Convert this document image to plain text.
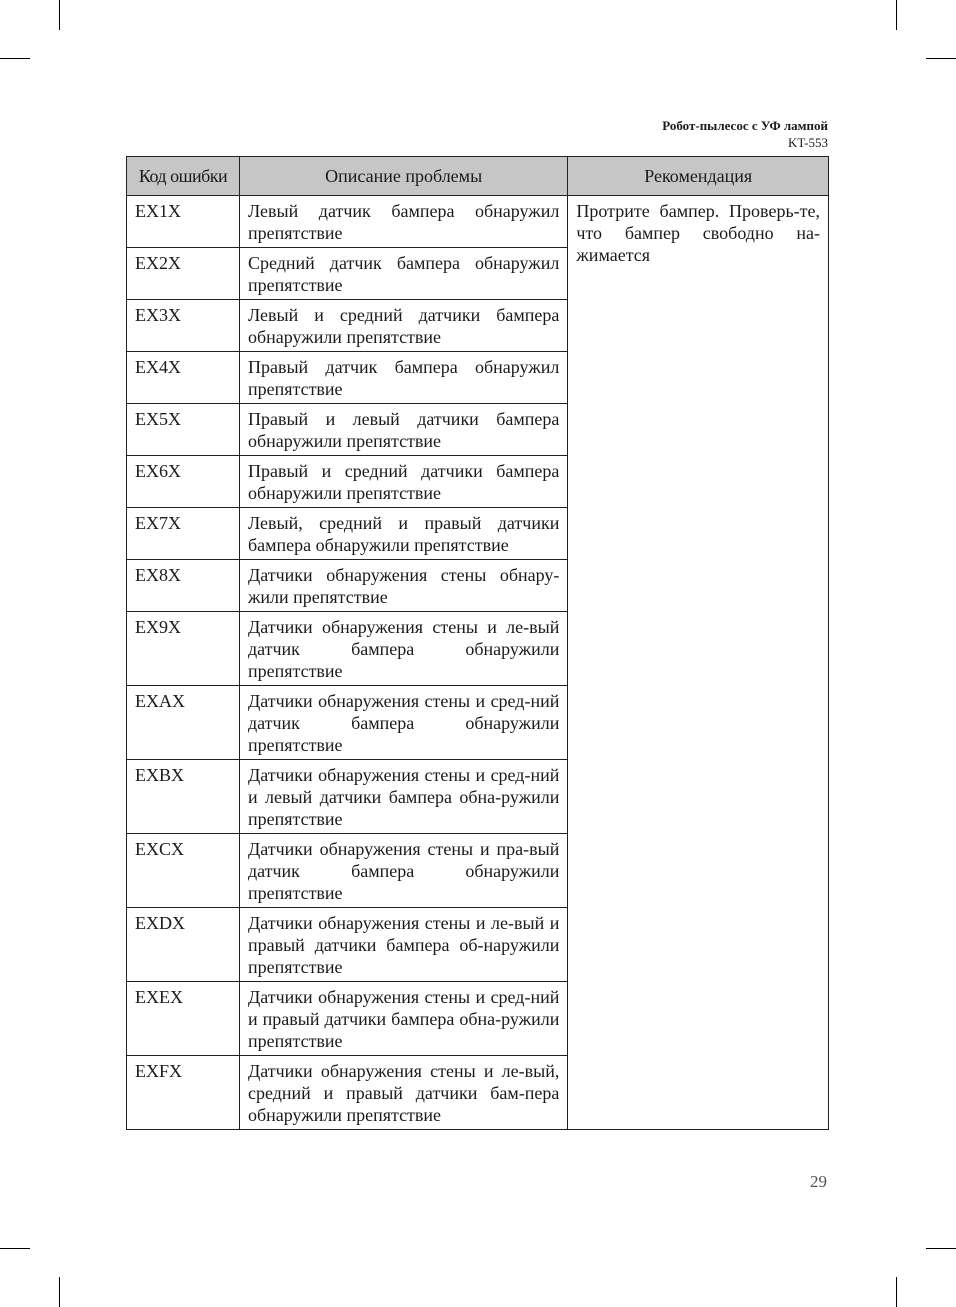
Робот-пылесос с УФ лампой
KT-553
Код ошибки	Описание проблемы	Рекомендация
EX1X	Левый датчик бампера обнаружил препятствие	Протрите бампер. Проверь-те, что бампер свободно на-жимается
EX2X	Средний датчик бампера обнаружил препятствие	
EX3X	Левый и средний датчики бампера обнаружили препятствие	
EX4X	Правый датчик бампера обнаружил препятствие	
EX5X	Правый и левый датчики бампера обнаружили препятствие	
EX6X	Правый и средний датчики бампера обнаружили препятствие	
EX7X	Левый, средний и правый датчики бампера обнаружили препятствие	
EX8X	Датчики обнаружения стены обнару-жили препятствие	
EX9X	Датчики обнаружения стены и ле-вый датчик бампера обнаружили препятствие	
EXAX	Датчики обнаружения стены и сред-ний датчик бампера обнаружили препятствие	
EXBX	Датчики обнаружения стены и сред-ний и левый датчики бампера обна-ружили препятствие	
EXCX	Датчики обнаружения стены и пра-вый датчик бампера обнаружили препятствие	
EXDX	Датчики обнаружения стены и ле-вый и правый датчики бампера об-наружили препятствие	
EXEX	Датчики обнаружения стены и сред-ний и правый датчики бампера обна-ружили препятствие	
EXFX	Датчики обнаружения стены и ле-вый, средний и правый датчики бам-пера обнаружили препятствие	
29
